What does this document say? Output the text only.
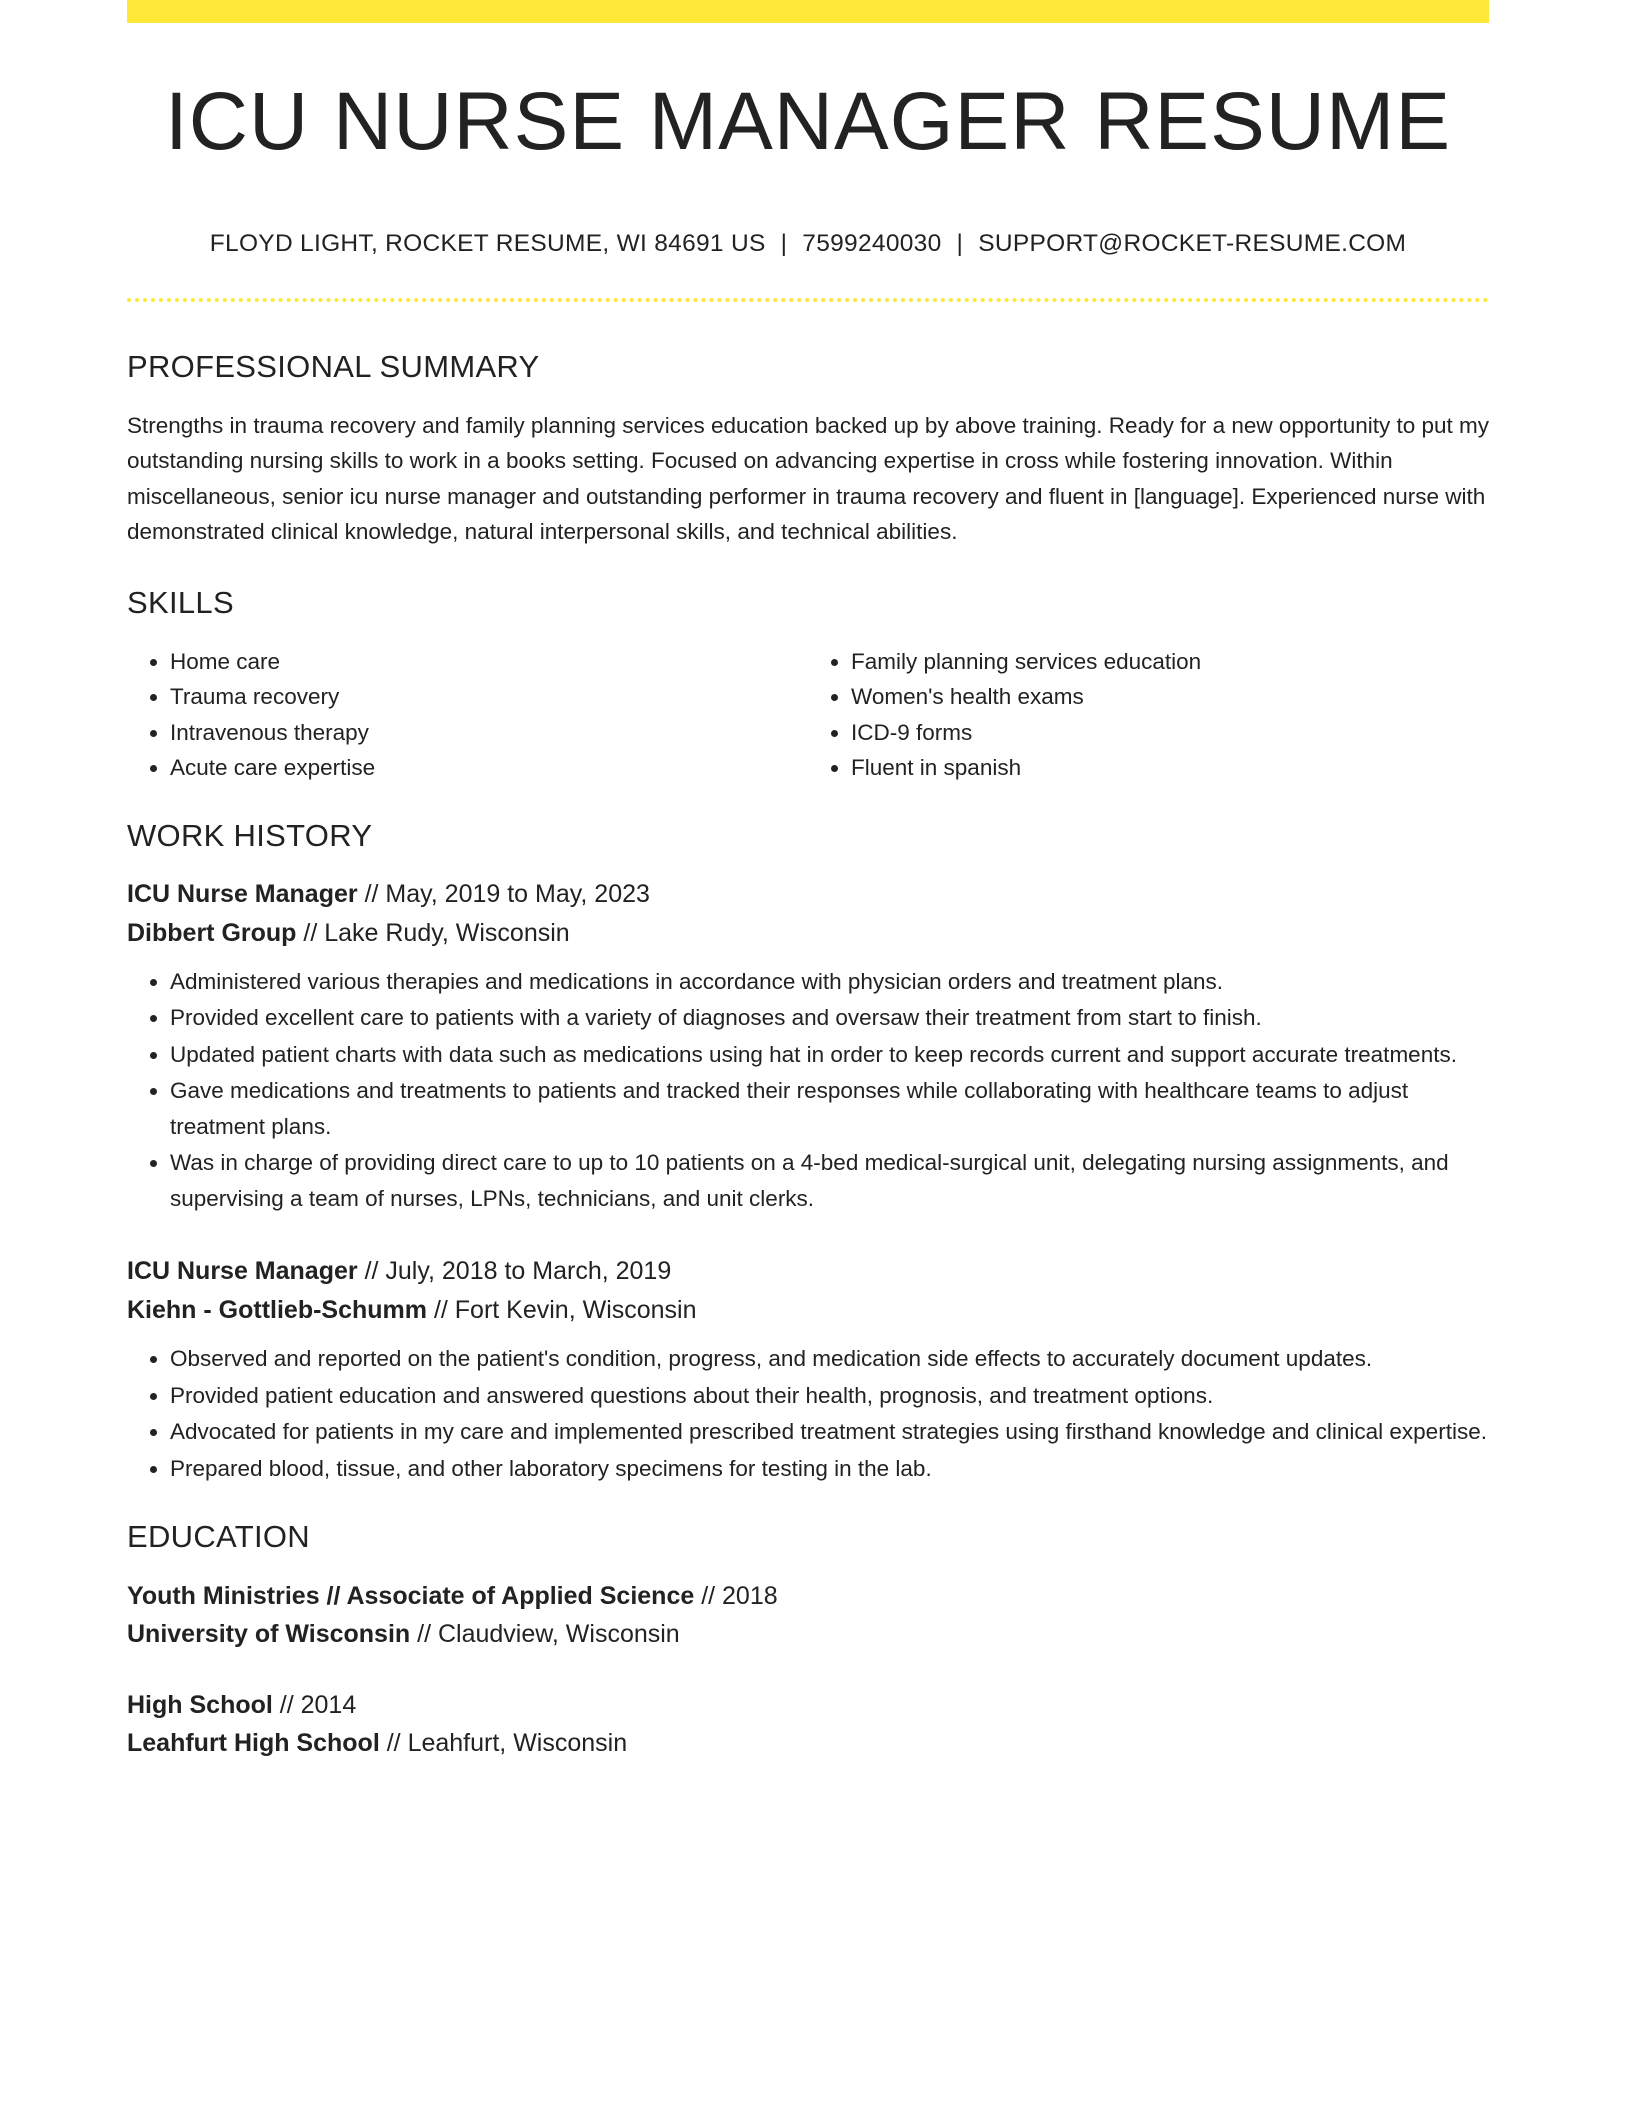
ICU NURSE MANAGER RESUME
FLOYD LIGHT, ROCKET RESUME, WI 84691 US | 7599240030 | SUPPORT@ROCKET-RESUME.COM
PROFESSIONAL SUMMARY
Strengths in trauma recovery and family planning services education backed up by above training. Ready for a new opportunity to put my outstanding nursing skills to work in a books setting. Focused on advancing expertise in cross while fostering innovation. Within miscellaneous, senior icu nurse manager and outstanding performer in trauma recovery and fluent in [language]. Experienced nurse with demonstrated clinical knowledge, natural interpersonal skills, and technical abilities.
SKILLS
• Home care
• Trauma recovery
• Intravenous therapy
• Acute care expertise
• Family planning services education
• Women's health exams
• ICD-9 forms
• Fluent in spanish
WORK HISTORY
ICU Nurse Manager // May, 2019 to May, 2023
Dibbert Group // Lake Rudy, Wisconsin
• Administered various therapies and medications in accordance with physician orders and treatment plans.
• Provided excellent care to patients with a variety of diagnoses and oversaw their treatment from start to finish.
• Updated patient charts with data such as medications using hat in order to keep records current and support accurate treatments.
• Gave medications and treatments to patients and tracked their responses while collaborating with healthcare teams to adjust treatment plans.
• Was in charge of providing direct care to up to 10 patients on a 4-bed medical-surgical unit, delegating nursing assignments, and supervising a team of nurses, LPNs, technicians, and unit clerks.
ICU Nurse Manager // July, 2018 to March, 2019
Kiehn - Gottlieb-Schumm // Fort Kevin, Wisconsin
• Observed and reported on the patient's condition, progress, and medication side effects to accurately document updates.
• Provided patient education and answered questions about their health, prognosis, and treatment options.
• Advocated for patients in my care and implemented prescribed treatment strategies using firsthand knowledge and clinical expertise.
• Prepared blood, tissue, and other laboratory specimens for testing in the lab.
EDUCATION
Youth Ministries // Associate of Applied Science // 2018
University of Wisconsin // Claudview, Wisconsin
High School // 2014
Leahfurt High School // Leahfurt, Wisconsin
